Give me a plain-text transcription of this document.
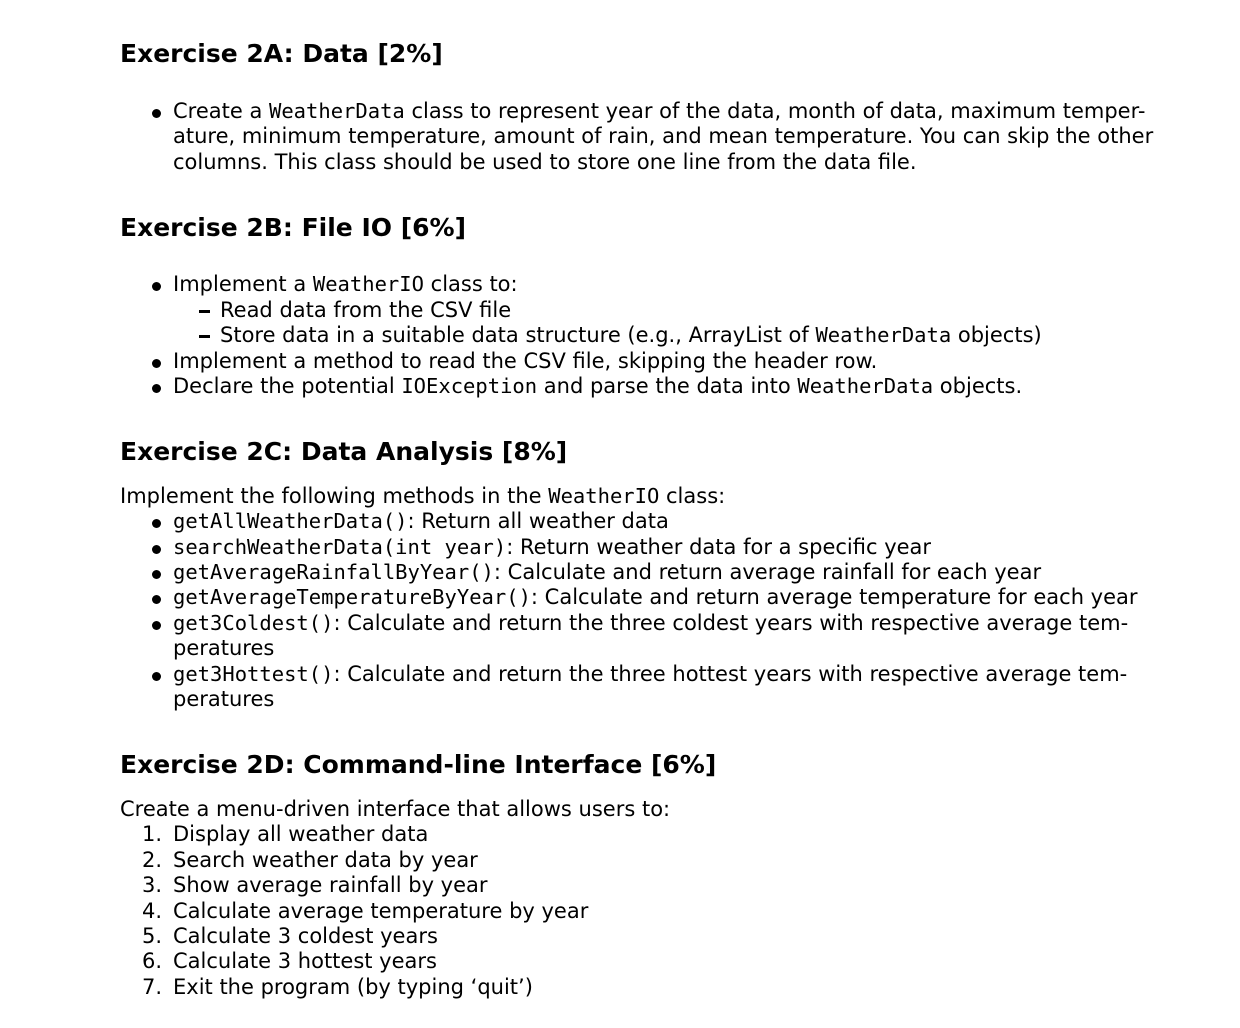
Exercise 2A: Data [2%]
Create a WeatherData class to represent year of the data, month of data, maximum temper-
ature, minimum temperature, amount of rain, and mean temperature. You can skip the other
columns. This class should be used to store one line from the data file.
Exercise 2B: File IO [6%]
Implement a WeatherIO class to:
Read data from the CSV file
Store data in a suitable data structure (e.g., ArrayList of WeatherData objects)
Implement a method to read the CSV file, skipping the header row.
Declare the potential IOException and parse the data into WeatherData objects.
Exercise 2C: Data Analysis [8%]
Implement the following methods in the WeatherIO class:
getAllWeatherData(): Return all weather data
searchWeatherData(int year): Return weather data for a specific year
getAverageRainfallByYear(): Calculate and return average rainfall for each year
getAverageTemperatureByYear(): Calculate and return average temperature for each year
get3Coldest(): Calculate and return the three coldest years with respective average tem-
peratures
get3Hottest(): Calculate and return the three hottest years with respective average tem-
peratures
Exercise 2D: Command-line Interface [6%]
Create a menu-driven interface that allows users to:
1. Display all weather data
2. Search weather data by year
3. Show average rainfall by year
4. Calculate average temperature by year
5. Calculate 3 coldest years
6. Calculate 3 hottest years
7. Exit the program (by typing ‘quit’)
